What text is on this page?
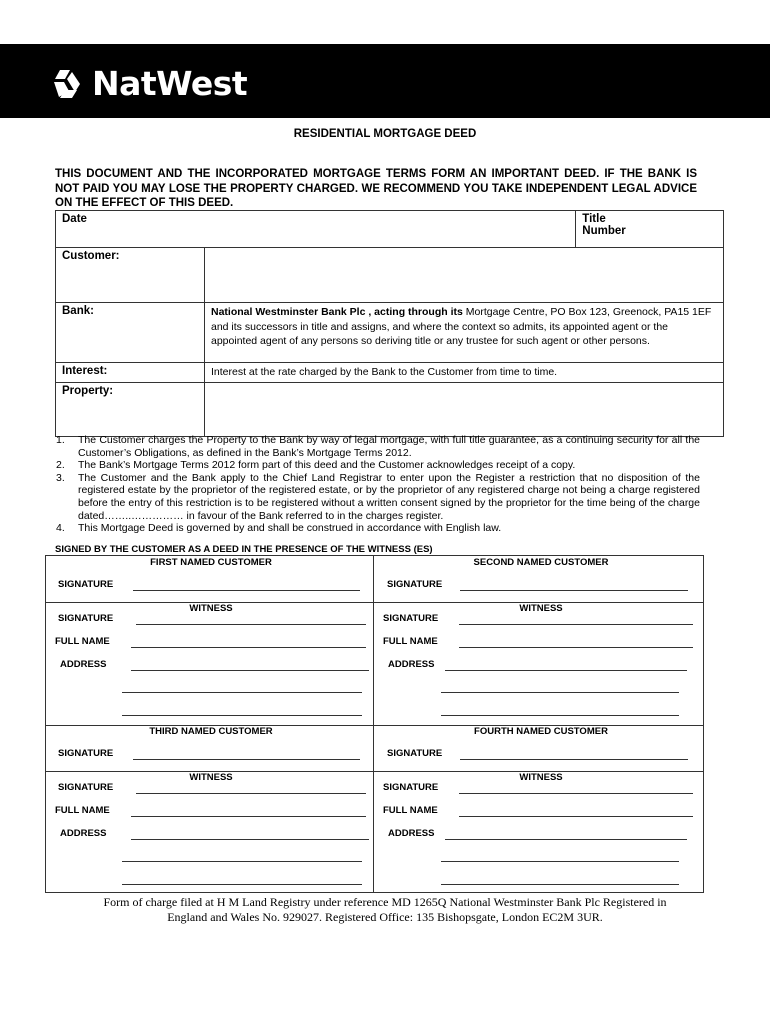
NatWest
RESIDENTIAL MORTGAGE DEED
THIS DOCUMENT AND THE INCORPORATED MORTGAGE TERMS FORM AN IMPORTANT DEED. IF THE BANK IS NOT PAID YOU MAY LOSE THE PROPERTY CHARGED. WE RECOMMEND YOU TAKE INDEPENDENT LEGAL ADVICE ON THE EFFECT OF THIS DEED.
Date		Title
Number

Customer:		
Bank:	National Westminster Bank Plc , acting through its Mortgage Centre, PO Box 123, Greenock, PA15 1EF and its successors in title and assigns, and where the context so admits, its appointed agent or the appointed agent of any persons so deriving title or any trustee for such agent or other persons.	
Interest:	Interest at the rate charged by the Bank to the Customer from time to time.	
Property:		
1.	The Customer charges the Property to the Bank by way of legal mortgage, with full title guarantee, as a continuing security for all the Customer’s Obligations, as defined in the Bank’s Mortgage Terms 2012.
2.	The Bank’s Mortgage Terms 2012 form part of this deed and the Customer acknowledges receipt of a copy.
3.	The Customer and the Bank apply to the Chief Land Registrar to enter upon the Register a restriction that no disposition of the registered estate by the proprietor of the registered estate, or by the proprietor of any registered charge not being a charge registered before the entry of this restriction is to be registered without a written consent signed by the proprietor for the time being of the charge dated……..…………… in favour of the Bank referred to in the charges register.
4.	This Mortgage Deed is governed by and shall be construed in accordance with English law.
SIGNED BY THE CUSTOMER AS A DEED IN THE PRESENCE OF THE WITNESS (ES)
FIRST NAMED CUSTOMER	SECOND NAMED CUSTOMER
SIGNATURE	SIGNATURE
WITNESS	WITNESS
SIGNATURE	SIGNATURE
FULL NAME	FULL NAME
ADDRESS	ADDRESS
THIRD NAMED CUSTOMER	FOURTH NAMED CUSTOMER
SIGNATURE	SIGNATURE
WITNESS	WITNESS
SIGNATURE	SIGNATURE
FULL NAME	FULL NAME
ADDRESS	ADDRESS
Form of charge filed at H M Land Registry under reference MD 1265Q National Westminster Bank Plc Registered in
England and Wales No. 929027. Registered Office: 135 Bishopsgate, London EC2M 3UR.
